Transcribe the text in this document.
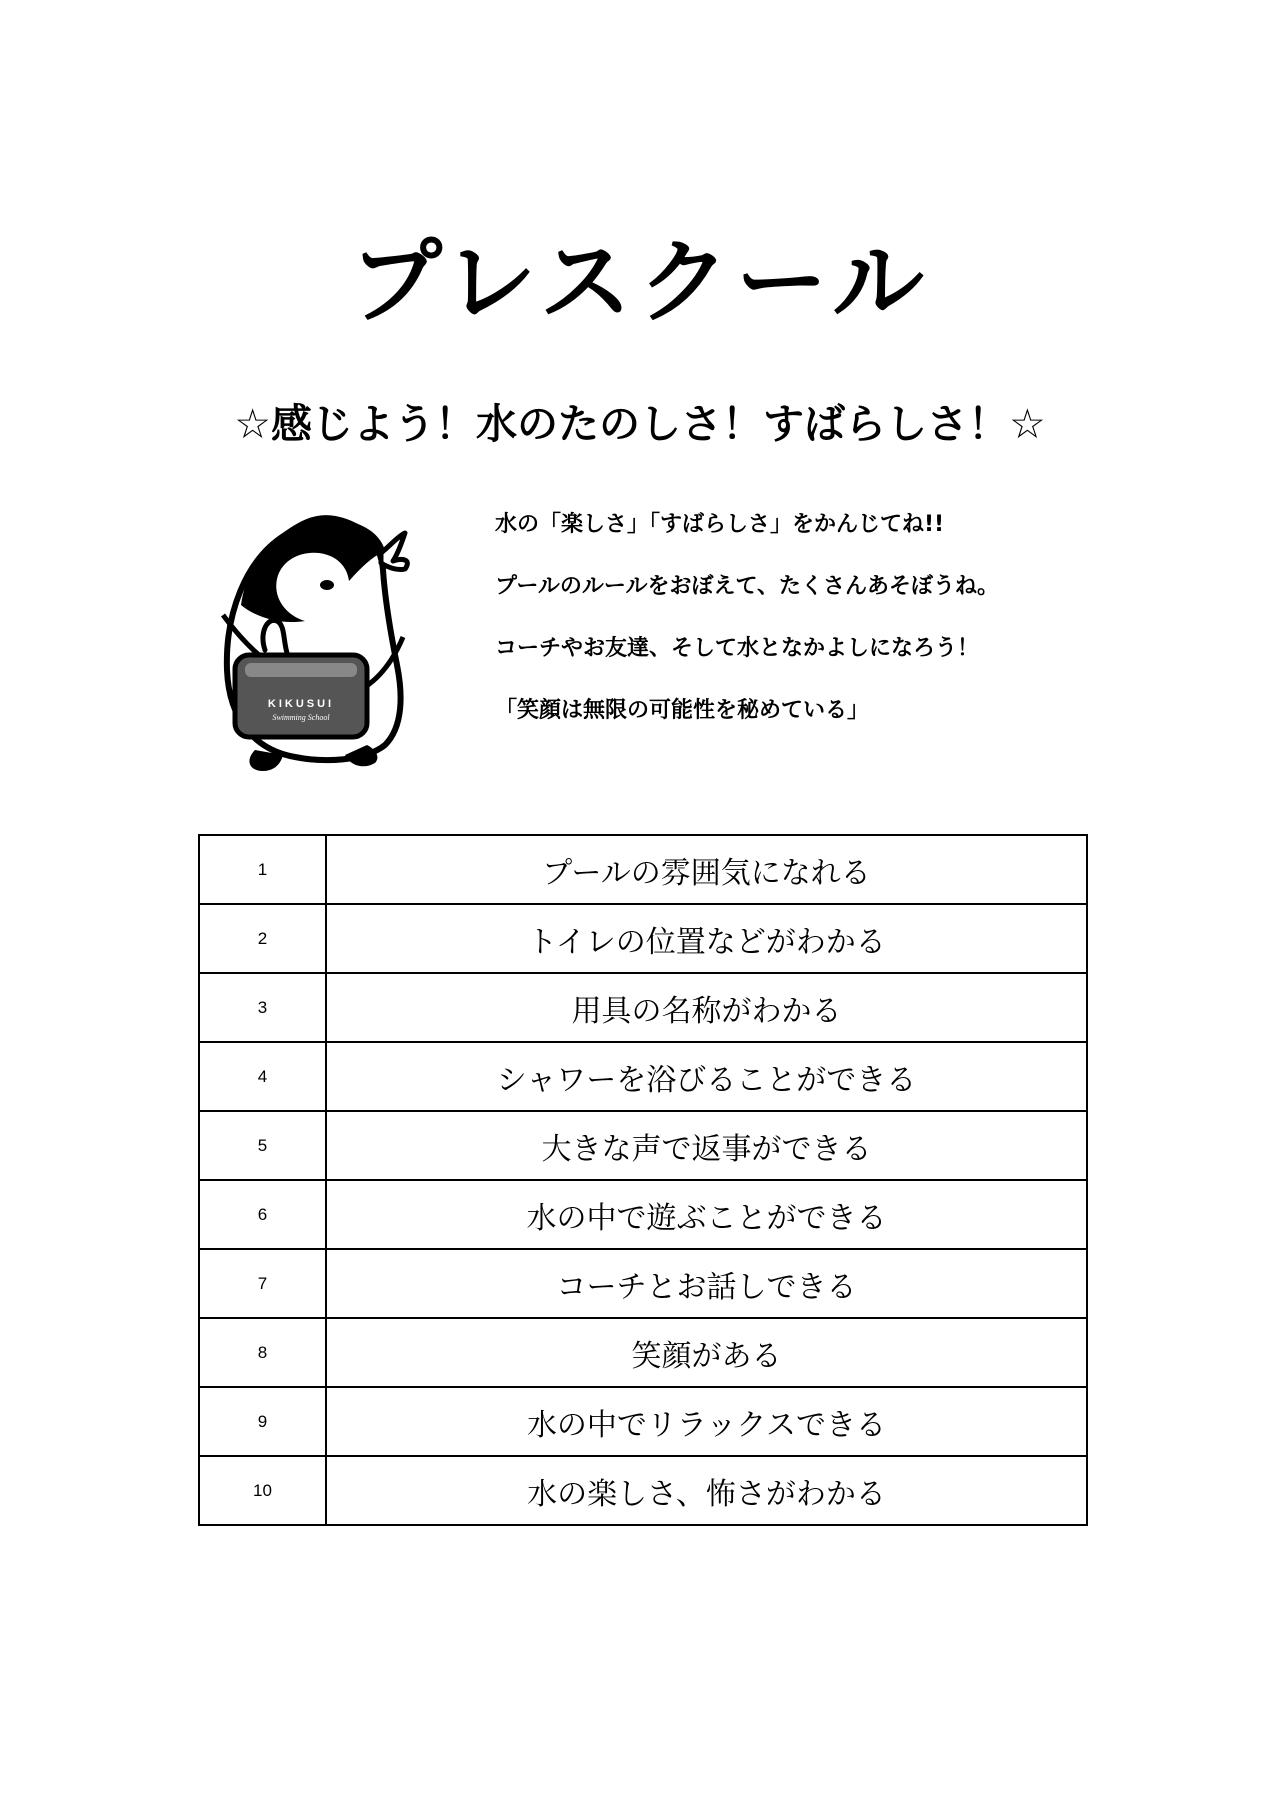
プレスクール
☆感じよう！水のたのしさ！すばらしさ！☆
KIKUSUI
Swimming School
水の「楽しさ」「すばらしさ」をかんじてね!!
プールのルールをおぼえて、たくさんあそぼうね。
コーチやお友達、そして水となかよしになろう！
「笑顔は無限の可能性を秘めている」
1	プールの雰囲気になれる
2	トイレの位置などがわかる
3	用具の名称がわかる
4	シャワーを浴びることができる
5	大きな声で返事ができる
6	水の中で遊ぶことができる
7	コーチとお話しできる
8	笑顔がある
9	水の中でリラックスできる
10	水の楽しさ、怖さがわかる
